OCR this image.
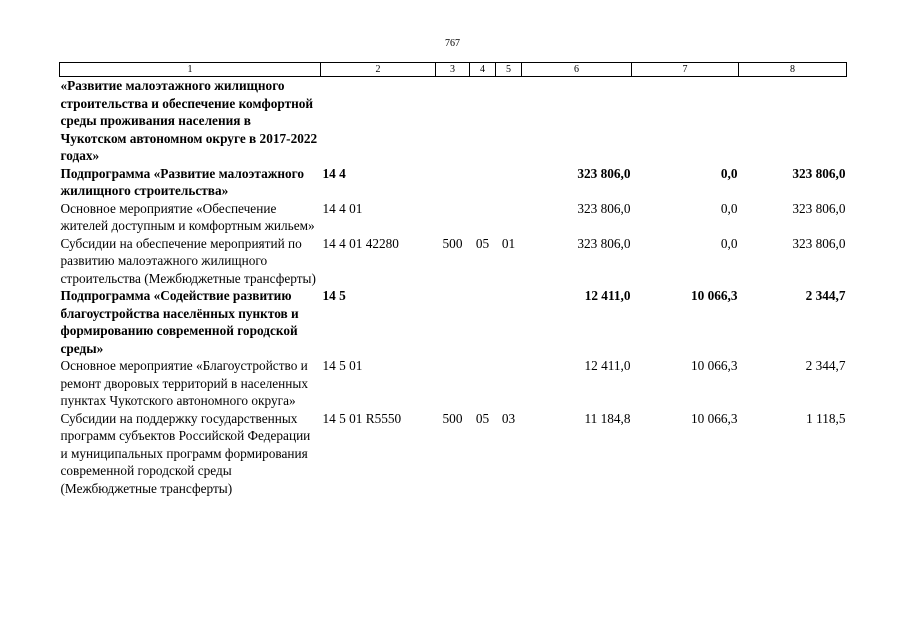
767
1	2	3	4	5	6	7	8
«Развитие малоэтажного жилищного строительства и обеспечение комфортной среды проживания населения в Чукотском автономном округе в 2017-2022 годах»							
Подпрограмма «Развитие малоэтажного жилищного строительства»	14 4				323 806,0	0,0	323 806,0
Основное мероприятие «Обеспечение жителей доступным и комфортным жильем»	14 4 01				323 806,0	0,0	323 806,0
Субсидии на обеспечение мероприятий по развитию малоэтажного жилищного строительства (Межбюджетные трансферты)	14 4 01 42280	500	05	01	323 806,0	0,0	323 806,0
Подпрограмма «Содействие развитию благоустройства населённых пунктов и формированию современной городской среды»	14 5				12 411,0	10 066,3	2 344,7
Основное мероприятие «Благоустройство и ремонт дворовых территорий в населенных пунктах Чукотского автономного округа»	14 5 01				12 411,0	10 066,3	2 344,7
Субсидии на поддержку государственных программ субъектов Российской Федерации и муниципальных программ формирования современной городской среды (Межбюджетные трансферты)	14 5 01 R5550	500	05	03	11 184,8	10 066,3	1 118,5
